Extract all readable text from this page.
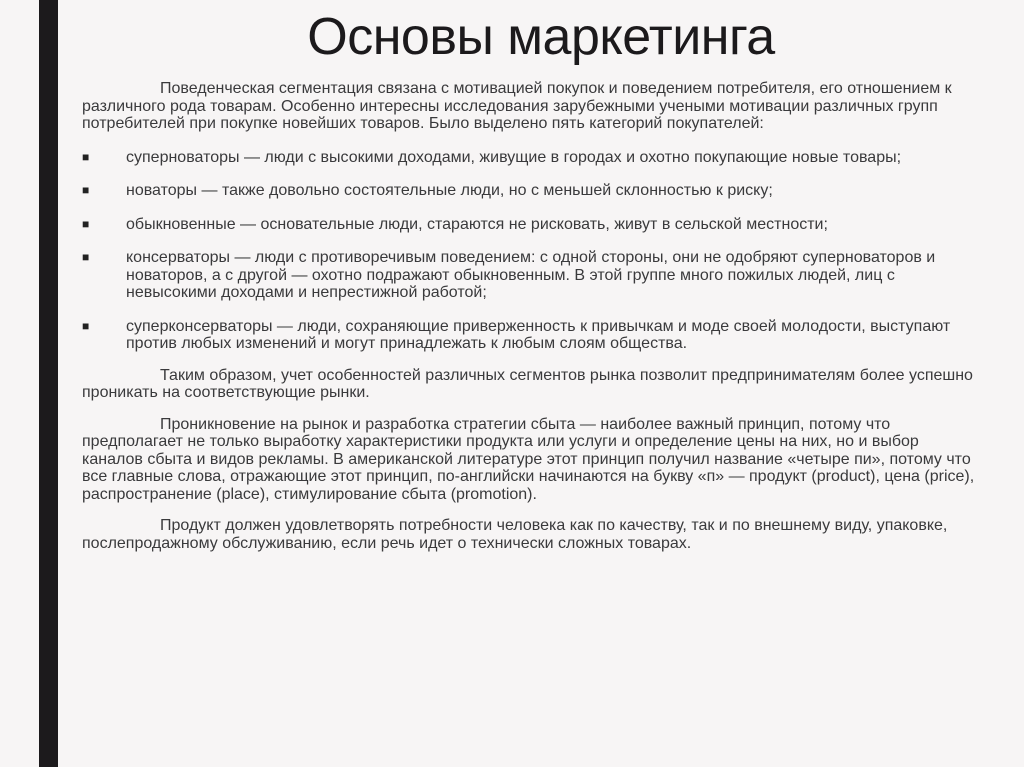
Основы маркетинга

Поведенческая сегментация связана с мотивацией покупок и поведением потребителя, его отношением к различного рода товарам. Особенно интересны исследования зарубежными учеными мотивации различных групп потребителей при покупке новейших товаров. Было выделено пять категорий покупателей:

■	суперноваторы — люди с высокими доходами, живущие в городах и охотно покупающие новые товары;
■	новаторы — также довольно состоятельные люди, но с меньшей склонностью к риску;
■	обыкновенные — основательные люди, стараются не рисковать, живут в сельской местности;
■	консерваторы — люди с противоречивым поведением: с одной стороны, они не одобряют суперноваторов и новаторов, а с другой — охотно подражают обыкновенным. В этой группе много пожилых людей, лиц с невысокими доходами и непрестижной работой;
■	суперконсерваторы — люди, сохраняющие приверженность к привычкам и моде своей молодости, выступают против любых изменений и могут принадлежать к любым слоям общества.

Таким образом, учет особенностей различных сегментов рынка позволит предпринимателям более успешно проникать на соответствующие рынки.

Проникновение на рынок и разработка стратегии сбыта — наиболее важный принцип, потому что предполагает не только выработку характеристики продукта или услуги и определение цены на них, но и выбор каналов сбыта и видов рекламы. В американской литературе этот принцип получил название «четыре пи», потому что все главные слова, отражающие этот принцип, по-английски начинаются на букву «п» — продукт (product), цена (price), распространение (place), стимулирование сбыта (promotion).

Продукт должен удовлетворять потребности человека как по качеству, так и по внешнему виду, упаковке, послепродажному обслуживанию, если речь идет о технически сложных товарах.
